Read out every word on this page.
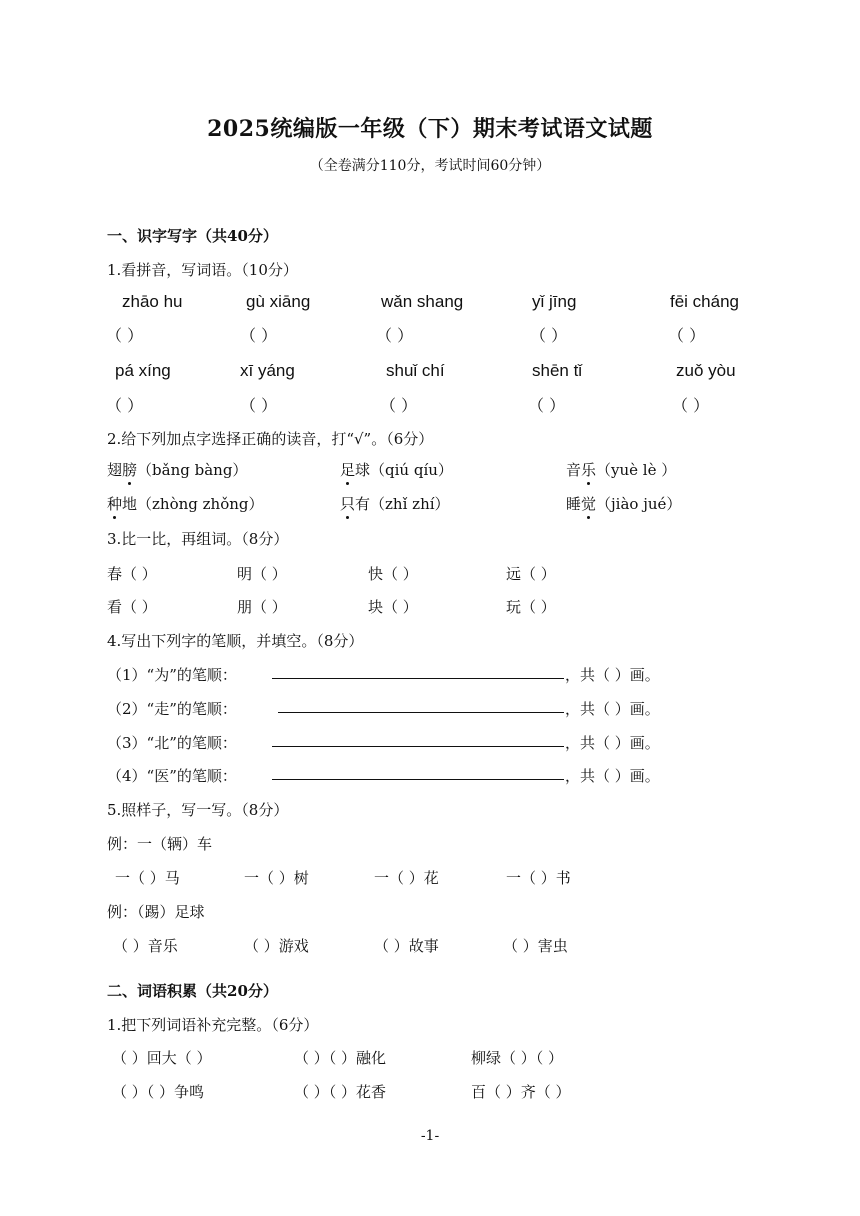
2025统编版一年级（下）期末考试语文试题
（全卷满分110分，考试时间60分钟）
一、识字写字（共40分）
1.看拼音，写词语。（10分）
zhāo hu	gù xiāng	wǎn shang	yǐ jīng	fēi cháng
（ ）	（ ）	（ ）	（ ）	（ ）
pá xíng	xī yáng	shuǐ chí	shēn tǐ	zuǒ yòu
（ ）	（ ）	（ ）	（ ）	（ ）
2.给下列加点字选择正确的读音，打“√”。（6分）
翅膀（bǎng bàng）	足球（qiú qíu）	音乐（yuè lè ）
种地（zhòng zhǒng）	只有（zhǐ zhí）	睡觉（jiào jué）
3.比一比，再组词。（8分）
春（ ）	明（ ）	快（ ）	远（ ）
看（ ）	朋（ ）	块（ ）	玩（ ）
4.写出下列字的笔顺，并填空。（8分）
（1）“为”的笔顺：	，共（ ）画。
（2）“走”的笔顺：	，共（ ）画。
（3）“北”的笔顺：	，共（ ）画。
（4）“医”的笔顺：	，共（ ）画。
5.照样子，写一写。（8分）
例：一（辆）车
一（ ）马	一（ ）树	一（ ）花	一（ ）书
例：（踢）足球
（ ）音乐	（ ）游戏	（ ）故事	（ ）害虫
二、词语积累（共20分）
1.把下列词语补充完整。（6分）
（ ）回大（ ）	（ ）（ ）融化	柳绿（ ）（ ）
（ ）（ ）争鸣	（ ）（ ）花香	百（ ）齐（ ）
-1-
